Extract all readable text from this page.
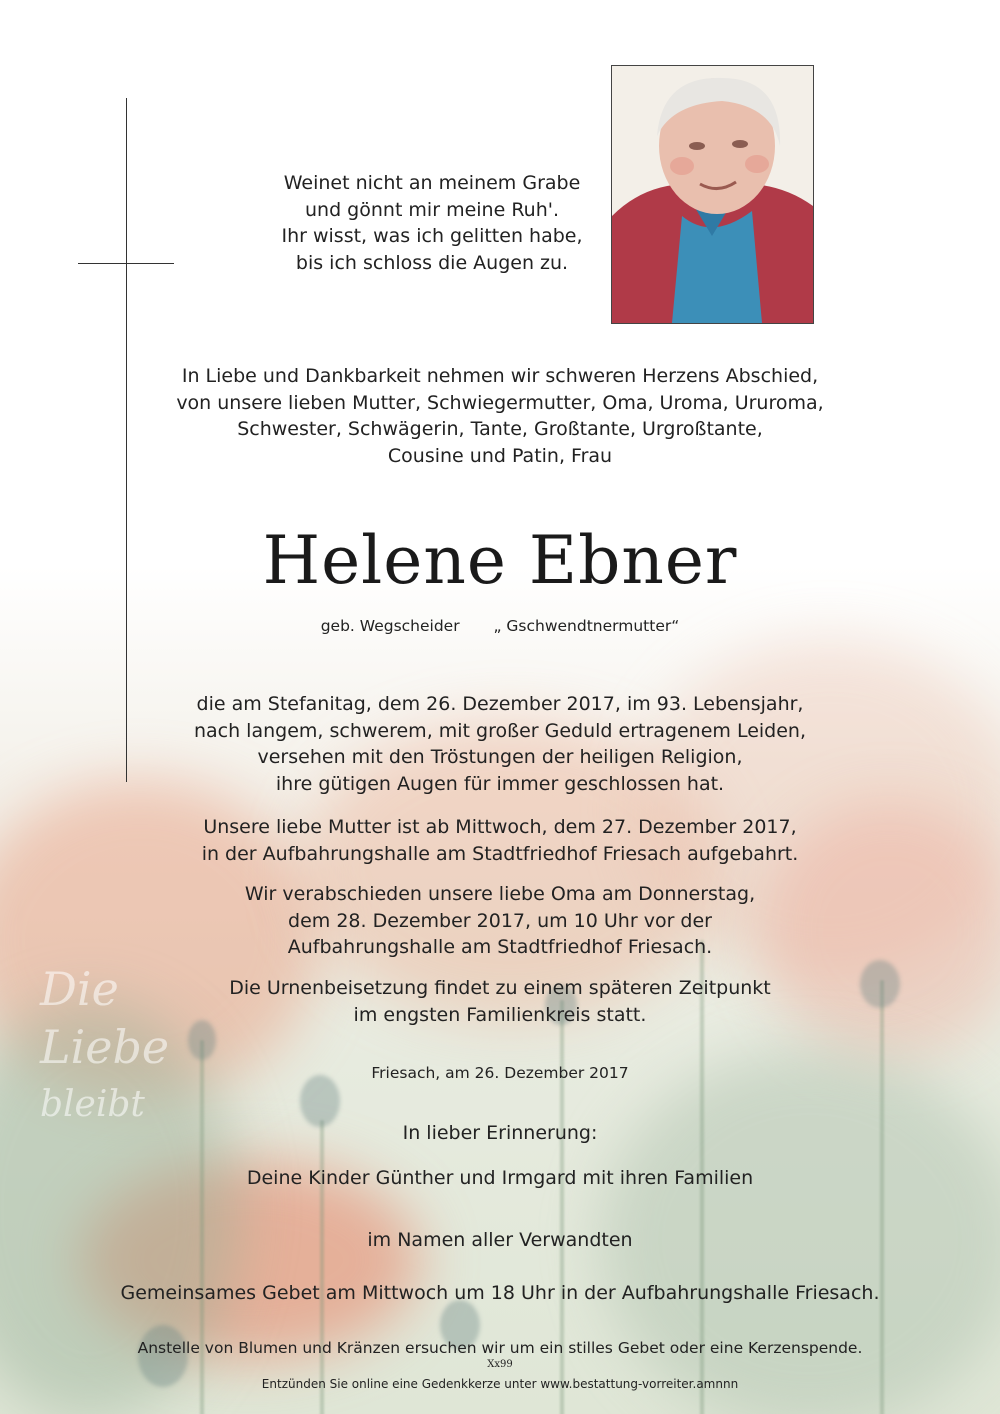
Die
Liebe
bleibt
Weinet nicht an meinem Grabe
und gönnt mir meine Ruh'.
Ihr wisst, was ich gelitten habe,
bis ich schloss die Augen zu.
In Liebe und Dankbarkeit nehmen wir schweren Herzens Abschied,
von unsere lieben Mutter, Schwiegermutter, Oma, Uroma, Ururoma,
Schwester, Schwägerin, Tante, Großtante, Urgroßtante,
Cousine und Patin, Frau
Helene Ebner
geb. Wegscheider „ Gschwendtnermutter“
die am Stefanitag, dem 26. Dezember 2017, im 93. Lebensjahr,
nach langem, schwerem, mit großer Geduld ertragenem Leiden,
versehen mit den Tröstungen der heiligen Religion,
ihre gütigen Augen für immer geschlossen hat.
Unsere liebe Mutter ist ab Mittwoch, dem 27. Dezember 2017,
in der Aufbahrungshalle am Stadtfriedhof Friesach aufgebahrt.
Wir verabschieden unsere liebe Oma am Donnerstag,
dem 28. Dezember 2017, um 10 Uhr vor der
Aufbahrungshalle am Stadtfriedhof Friesach.
Die Urnenbeisetzung findet zu einem späteren Zeitpunkt
im engsten Familienkreis statt.
Friesach, am 26. Dezember 2017
In lieber Erinnerung:
Deine Kinder Günther und Irmgard mit ihren Familien
im Namen aller Verwandten
Gemeinsames Gebet am Mittwoch um 18 Uhr in der Aufbahrungshalle Friesach.
Anstelle von Blumen und Kränzen ersuchen wir um ein stilles Gebet oder eine Kerzenspende.
Xx99
Entzünden Sie online eine Gedenkkerze unter www.bestattung-vorreiter.amnnn
